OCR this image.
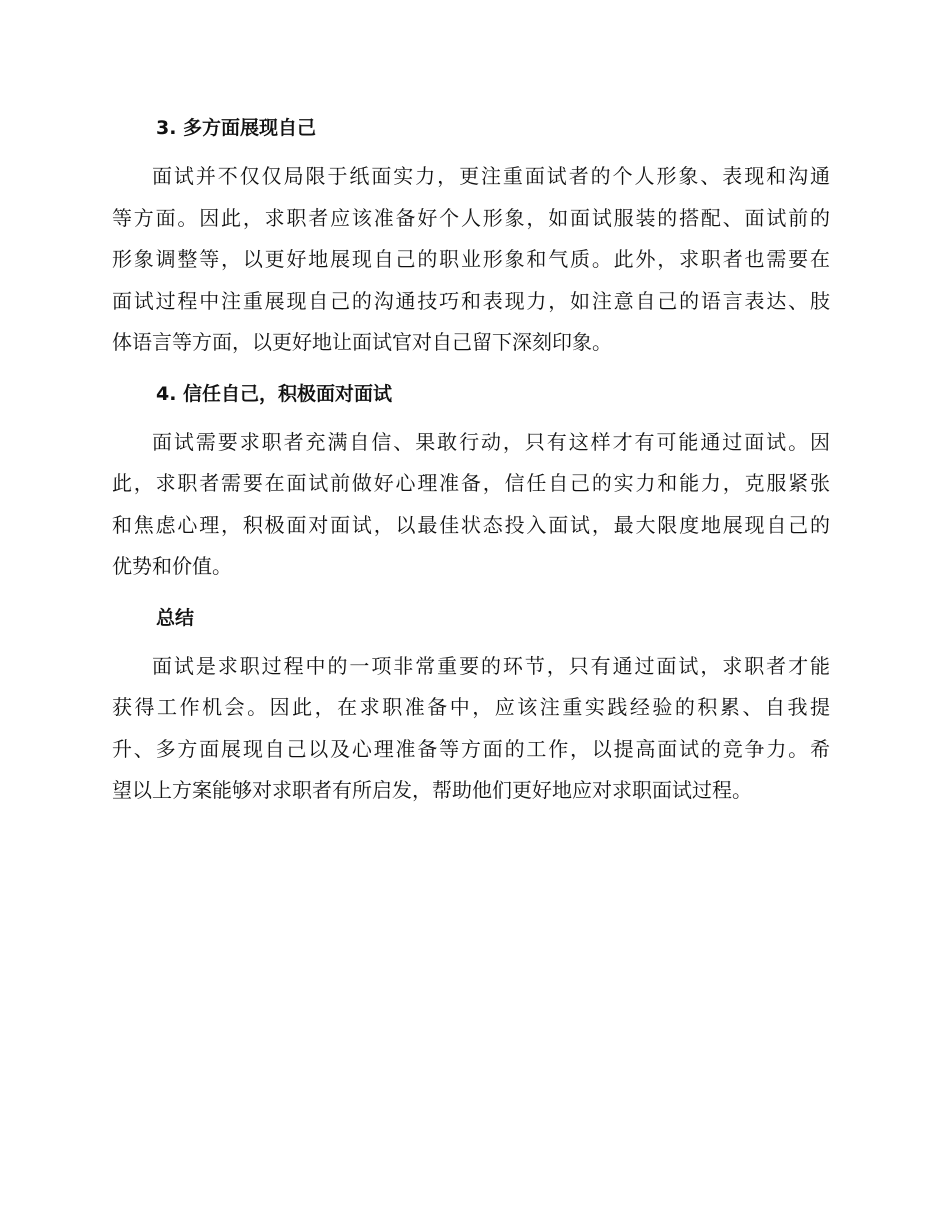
3. 多方面展现自己
面试并不仅仅局限于纸面实力，更注重面试者的个人形象、表现和沟通
等方面。因此，求职者应该准备好个人形象，如面试服装的搭配、面试前的
形象调整等，以更好地展现自己的职业形象和气质。此外，求职者也需要在
面试过程中注重展现自己的沟通技巧和表现力，如注意自己的语言表达、肢
体语言等方面，以更好地让面试官对自己留下深刻印象。
4. 信任自己，积极面对面试
面试需要求职者充满自信、果敢行动，只有这样才有可能通过面试。因
此，求职者需要在面试前做好心理准备，信任自己的实力和能力，克服紧张
和焦虑心理，积极面对面试，以最佳状态投入面试，最大限度地展现自己的
优势和价值。
总结
面试是求职过程中的一项非常重要的环节，只有通过面试，求职者才能
获得工作机会。因此，在求职准备中，应该注重实践经验的积累、自我提
升、多方面展现自己以及心理准备等方面的工作，以提高面试的竞争力。希
望以上方案能够对求职者有所启发，帮助他们更好地应对求职面试过程。
